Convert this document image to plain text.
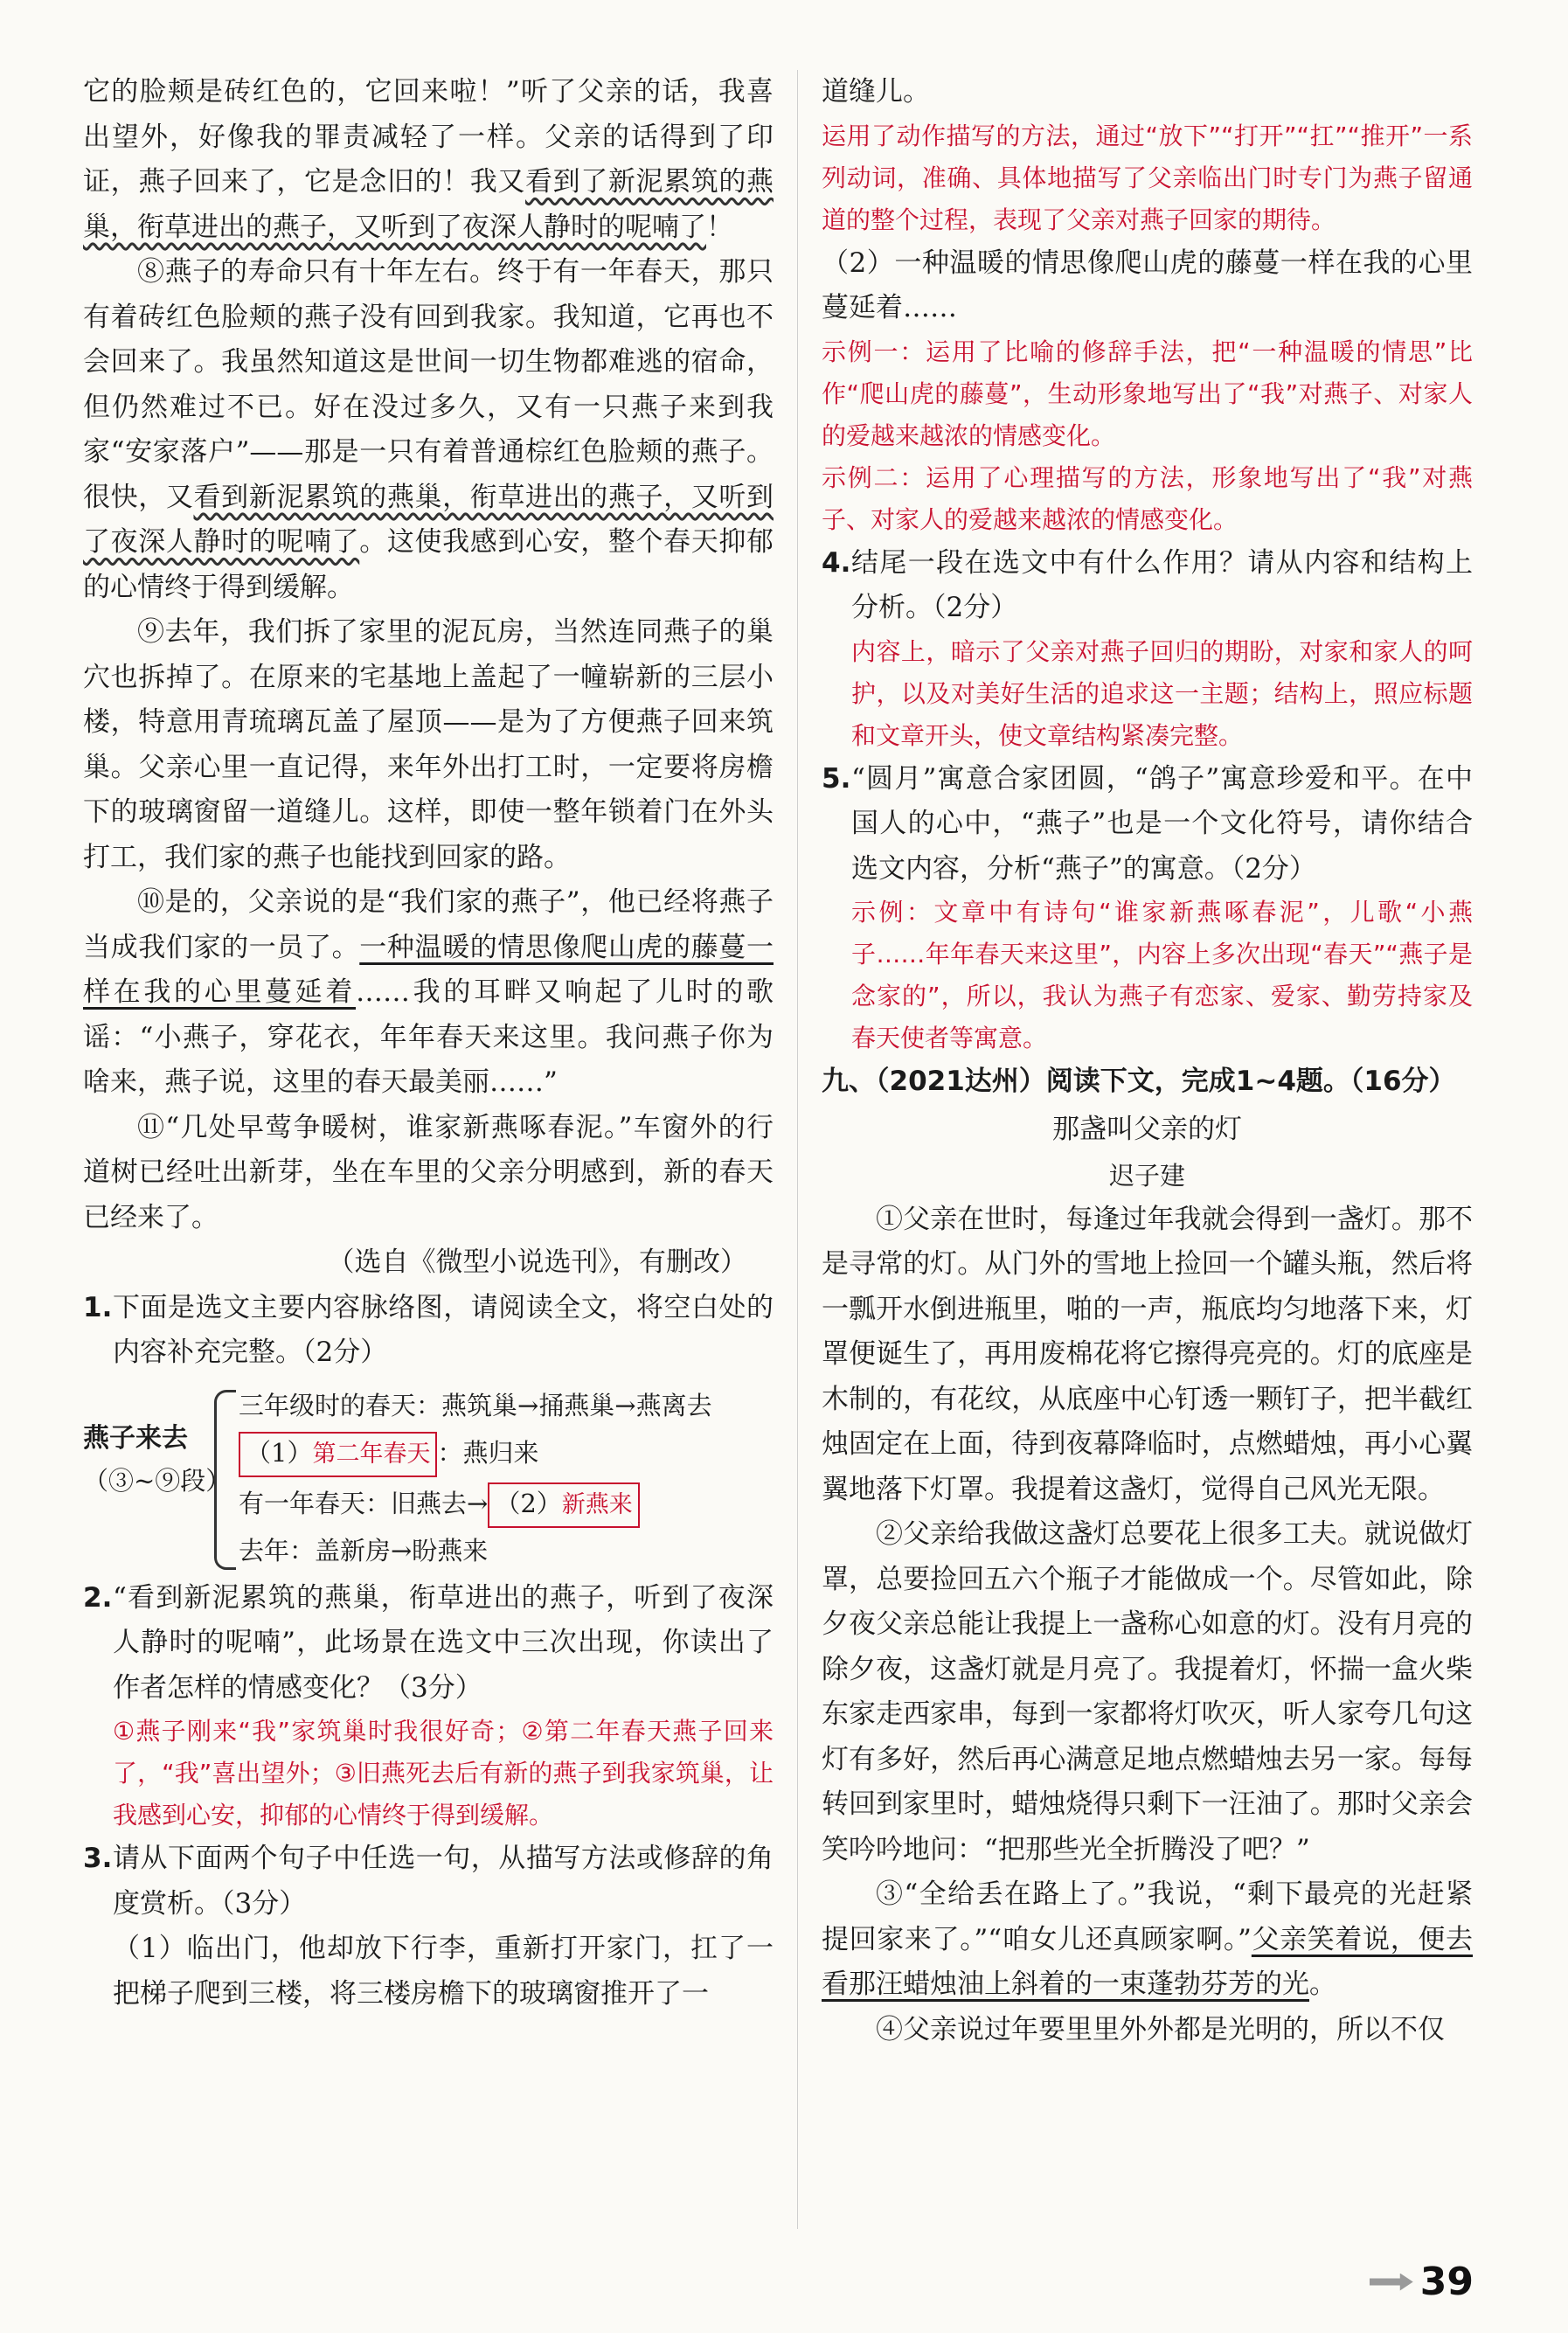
它的脸颊是砖红色的，它回来啦！”听了父亲的话，我喜出望外，好像我的罪责减轻了一样。父亲的话得到了印证，燕子回来了，它是念旧的！我又看到了新泥累筑的燕巢，衔草进出的燕子，又听到了夜深人静时的呢喃了！

⑧燕子的寿命只有十年左右。终于有一年春天，那只有着砖红色脸颊的燕子没有回到我家。我知道，它再也不会回来了。我虽然知道这是世间一切生物都难逃的宿命，但仍然难过不已。好在没过多久，又有一只燕子来到我家“安家落户”——那是一只有着普通棕红色脸颊的燕子。很快，又看到新泥累筑的燕巢，衔草进出的燕子，又听到了夜深人静时的呢喃了。这使我感到心安，整个春天抑郁的心情终于得到缓解。

⑨去年，我们拆了家里的泥瓦房，当然连同燕子的巢穴也拆掉了。在原来的宅基地上盖起了一幢崭新的三层小楼，特意用青琉璃瓦盖了屋顶——是为了方便燕子回来筑巢。父亲心里一直记得，来年外出打工时，一定要将房檐下的玻璃窗留一道缝儿。这样，即使一整年锁着门在外头打工，我们家的燕子也能找到回家的路。

⑩是的，父亲说的是“我们家的燕子”，他已经将燕子当成我们家的一员了。一种温暖的情思像爬山虎的藤蔓一样在我的心里蔓延着……我的耳畔又响起了儿时的歌谣：“小燕子，穿花衣，年年春天来这里。我问燕子你为啥来，燕子说，这里的春天最美丽……”

⑪“几处早莺争暖树，谁家新燕啄春泥。”车窗外的行道树已经吐出新芽，坐在车里的父亲分明感到，新的春天已经来了。

（选自《微型小说选刊》，有删改）

1. 下面是选文主要内容脉络图，请阅读全文，将空白处的内容补充完整。（2分）

燕子来去
（③~⑨段）
三年级时的春天：燕筑巢→捅燕巢→燕离去
（1）第二年春天 ：燕归来
有一年春天：旧燕去→ （2）新燕来
去年：盖新房→盼燕来
2. “看到新泥累筑的燕巢，衔草进出的燕子，听到了夜深人静时的呢喃”，此场景在选文中三次出现，你读出了作者怎样的情感变化？（3分）

①燕子刚来“我”家筑巢时我很好奇；②第二年春天燕子回来了，“我”喜出望外；③旧燕死去后有新的燕子到我家筑巢，让我感到心安，抑郁的心情终于得到缓解。

3. 请从下面两个句子中任选一句，从描写方法或修辞的角度赏析。（3分）

（1）临出门，他却放下行李，重新打开家门，扛了一把梯子爬到三楼，将三楼房檐下的玻璃窗推开了一

道缝儿。

运用了动作描写的方法，通过“放下”“打开”“扛”“推开”一系列动词，准确、具体地描写了父亲临出门时专门为燕子留通道的整个过程，表现了父亲对燕子回家的期待。

（2）一种温暖的情思像爬山虎的藤蔓一样在我的心里蔓延着……

示例一：运用了比喻的修辞手法，把“一种温暖的情思”比作“爬山虎的藤蔓”，生动形象地写出了“我”对燕子、对家人的爱越来越浓的情感变化。

示例二：运用了心理描写的方法，形象地写出了“我”对燕子、对家人的爱越来越浓的情感变化。

4. 结尾一段在选文中有什么作用？请从内容和结构上分析。（2分）

内容上，暗示了父亲对燕子回归的期盼，对家和家人的呵护，以及对美好生活的追求这一主题；结构上，照应标题和文章开头，使文章结构紧凑完整。

5. “圆月”寓意合家团圆，“鸽子”寓意珍爱和平。在中国人的心中，“燕子”也是一个文化符号，请你结合选文内容，分析“燕子”的寓意。（2分）

示例：文章中有诗句“谁家新燕啄春泥”，儿歌“小燕子……年年春天来这里”，内容上多次出现“春天”“燕子是念家的”，所以，我认为燕子有恋家、爱家、勤劳持家及春天使者等寓意。

九、（2021达州）阅读下文，完成1~4题。（16分）

那盏叫父亲的灯
迟子建

①父亲在世时，每逢过年我就会得到一盏灯。那不是寻常的灯。从门外的雪地上捡回一个罐头瓶，然后将一瓢开水倒进瓶里，啪的一声，瓶底均匀地落下来，灯罩便诞生了，再用废棉花将它擦得亮亮的。灯的底座是木制的，有花纹，从底座中心钉透一颗钉子，把半截红烛固定在上面，待到夜幕降临时，点燃蜡烛，再小心翼翼地落下灯罩。我提着这盏灯，觉得自己风光无限。

②父亲给我做这盏灯总要花上很多工夫。就说做灯罩，总要捡回五六个瓶子才能做成一个。尽管如此，除夕夜父亲总能让我提上一盏称心如意的灯。没有月亮的除夕夜，这盏灯就是月亮了。我提着灯，怀揣一盒火柴东家走西家串，每到一家都将灯吹灭，听人家夸几句这灯有多好，然后再心满意足地点燃蜡烛去另一家。每每转回到家里时，蜡烛烧得只剩下一汪油了。那时父亲会笑吟吟地问：“把那些光全折腾没了吧？”

③“全给丢在路上了。”我说，“剩下最亮的光赶紧提回家来了。”“咱女儿还真顾家啊。”父亲笑着说，便去看那汪蜡烛油上斜着的一束蓬勃芬芳的光。

④父亲说过年要里里外外都是光明的，所以不仅

39
